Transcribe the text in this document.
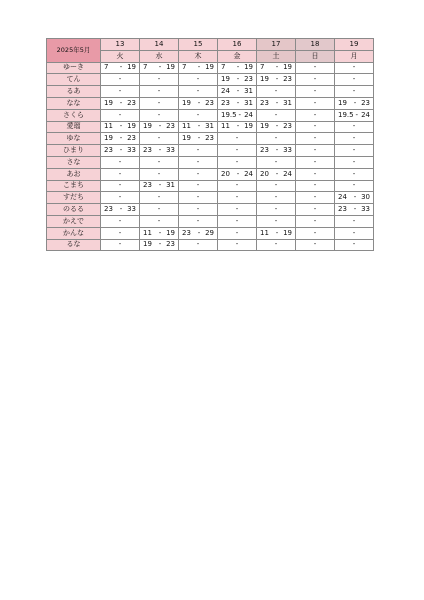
2025年5月	13	14	15	16	17	18	19
	火	水	木	金	土	日	月
ゆーき	7 - 19	7 - 19	7 - 19	7 - 19	7 - 19	-	-
てん	-	-	-	19 - 23	19 - 23	-	-
るあ	-	-	-	24 - 31	-	-	-
なな	19 - 23	-	19 - 23	23 - 31	23 - 31	-	19 - 23

さくら	-	-	-	19.5 - 24	-	-	19.5 - 24

愛瑠	11 - 19	19 - 23	11 - 31	11 - 19	19 - 23	-	-
ゆな	19 - 23	-	19 - 23	-	-	-	-
ひまり	23 - 33	23 - 33	-	-	23 - 33	-	-
さな	-	-	-	-	-	-	-
あお	-	-	-	20 - 24	20 - 24	-	-
こまち	-	23 - 31	-	-	-	-	-
すだち	-	-	-	-	-	-	24 - 30

のるる	23 - 33	-	-	-	-	-	23 - 33

かえで	-	-	-	-	-	-	-
かんな	-	11 - 19	23 - 29	-	11 - 19	-	-
るな	-	19 - 23	-	-	-	-	-
